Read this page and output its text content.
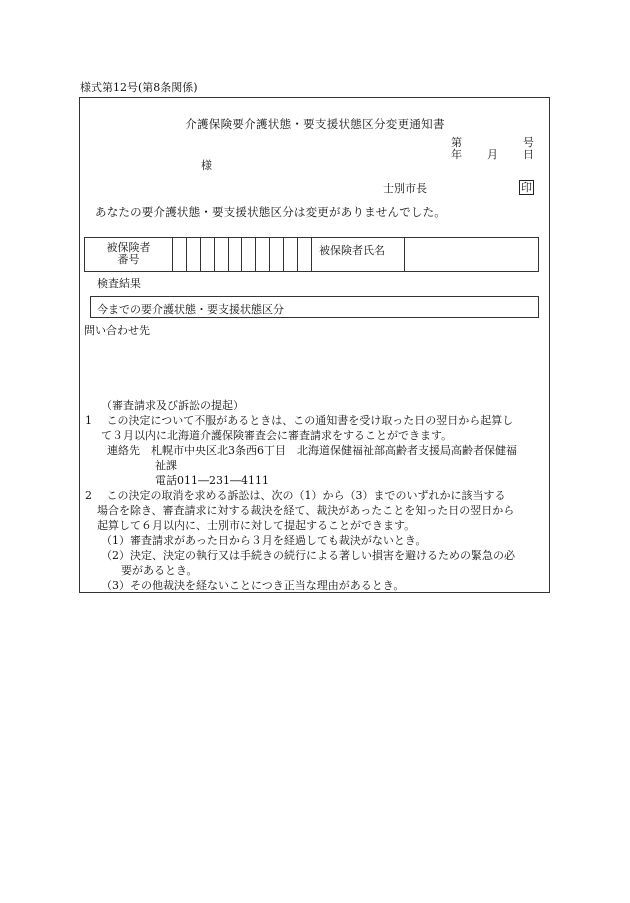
様式第12号(第8条関係)
介護保険要介護状態・要支援状態区分変更通知書
第	号
年 月 日
様
士別市長	印
あなたの要介護状態・要支援状態区分は変更がありませんでした。
被保険者
番号
被保険者氏名
検査結果
今までの要介護状態・要支援状態区分
問い合わせ先
（審査請求及び訴訟の提起）
1　 この決定について不服があるときは、この通知書を受け取った日の翌日から起算し
て３月以内に北海道介護保険審査会に審査請求をすることができます。
連絡先　札幌市中央区北3条西6丁目　北海道保健福祉部高齢者支援局高齢者保健福
祉課
電話011―231―4111
2　 この決定の取消を求める訴訟は、次の（1）から（3）までのいずれかに該当する
場合を除き、審査請求に対する裁決を経て、裁決があったことを知った日の翌日から
起算して６月以内に、士別市に対して提起することができます。
（1）審査請求があった日から３月を経過しても裁決がないとき。
（2）決定、決定の執行又は手続きの続行による著しい損害を避けるための緊急の必
要があるとき。
（3）その他裁決を経ないことにつき正当な理由があるとき。
